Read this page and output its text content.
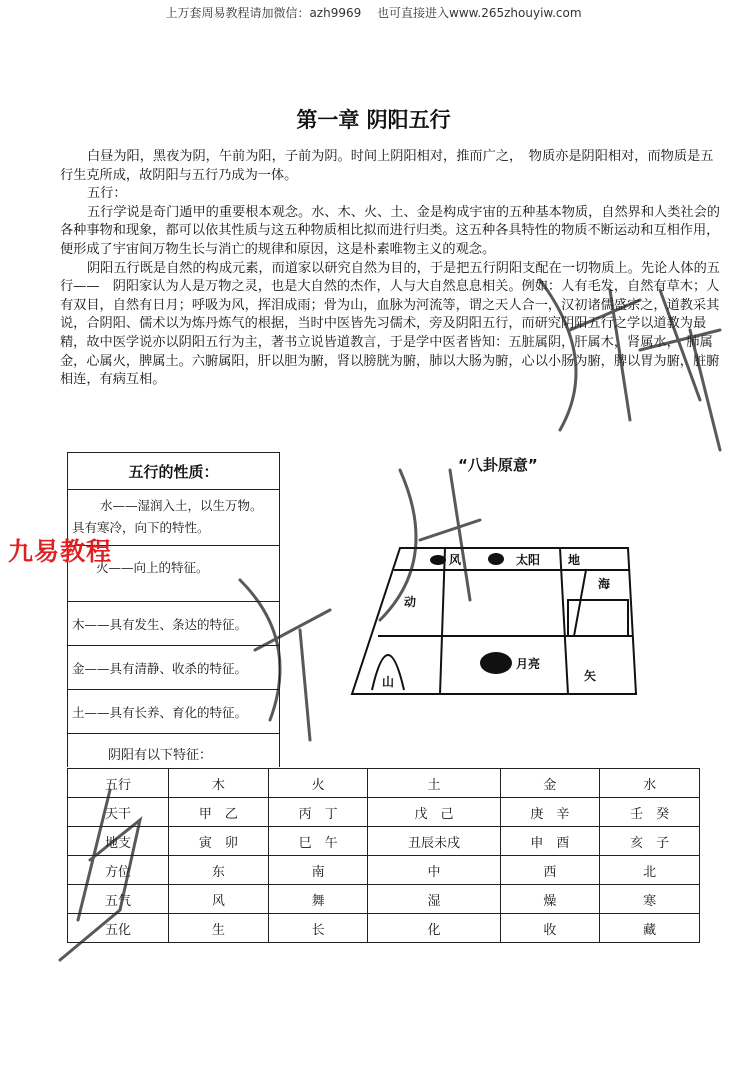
上万套周易教程请加微信：azh9969　 也可直接进入www.265zhouyiw.com
第一章 阴阳五行

白昼为阳，黑夜为阴，午前为阳，子前为阴。时间上阴阳相对，推而广之，　物质亦是阴阳相对，而物质是五行生克所成，故阴阳与五行乃成为一体。

五行：

五行学说是奇门遁甲的重要根本观念。水、木、火、土、金是构成宇宙的五种基本物质，自然界和人类社会的各种事物和现象，都可以依其性质与这五种物质相比拟而进行归类。这五种各具特性的物质不断运动和互相作用，便形成了宇宙间万物生长与消亡的规律和原因，这是朴素唯物主义的观念。

阴阳五行既是自然的构成元素，而道家以研究自然为目的，于是把五行阴阳支配在一切物质上。先论人体的五行——　阴阳家认为人是万物之灵，也是大自然的杰作，人与大自然息息相关。例如：人有毛发，自然有草木；人有双目，自然有日月；呼吸为风，挥泪成雨；骨为山，血脉为河流等，谓之天人合一，汉初诸儒盛宗之，道教采其说，合阴阳、儒术以为炼丹炼气的根据，当时中医皆先习儒术，旁及阴阳五行，而研究阴阳五行之学以道教为最精，故中医学说亦以阴阳五行为主，著书立说皆道教言，于是学中医者皆知：五脏属阴，肝属木，肾属水，　肺属金，心属火，脾属土。六腑属阳，肝以胆为腑，肾以膀胱为腑，肺以大肠为腑，心以小肠为腑，脾以胃为腑，脏腑相连，有病互相。

五行的性质：
水——湿润入土，以生万物。
具有寒冷，向下的特性。
火——向上的特征。
木——具有发生、条达的特征。
金——具有清静、收杀的特征。
土——具有长养、育化的特征。
阴阳有以下特征：
九易教程
“八卦原意”
风	太阳 地
海
动
山
月亮
矢
五行	木	火	土	金	水
天干	甲　乙	丙　丁	戊　己	庚　辛	壬　癸
地支	寅　卯	巳　午	丑辰未戌	申　酉	亥　子
方位	东	南	中	西	北
五气	风	舞	湿	燥	寒
五化	生	长	化	收	藏
